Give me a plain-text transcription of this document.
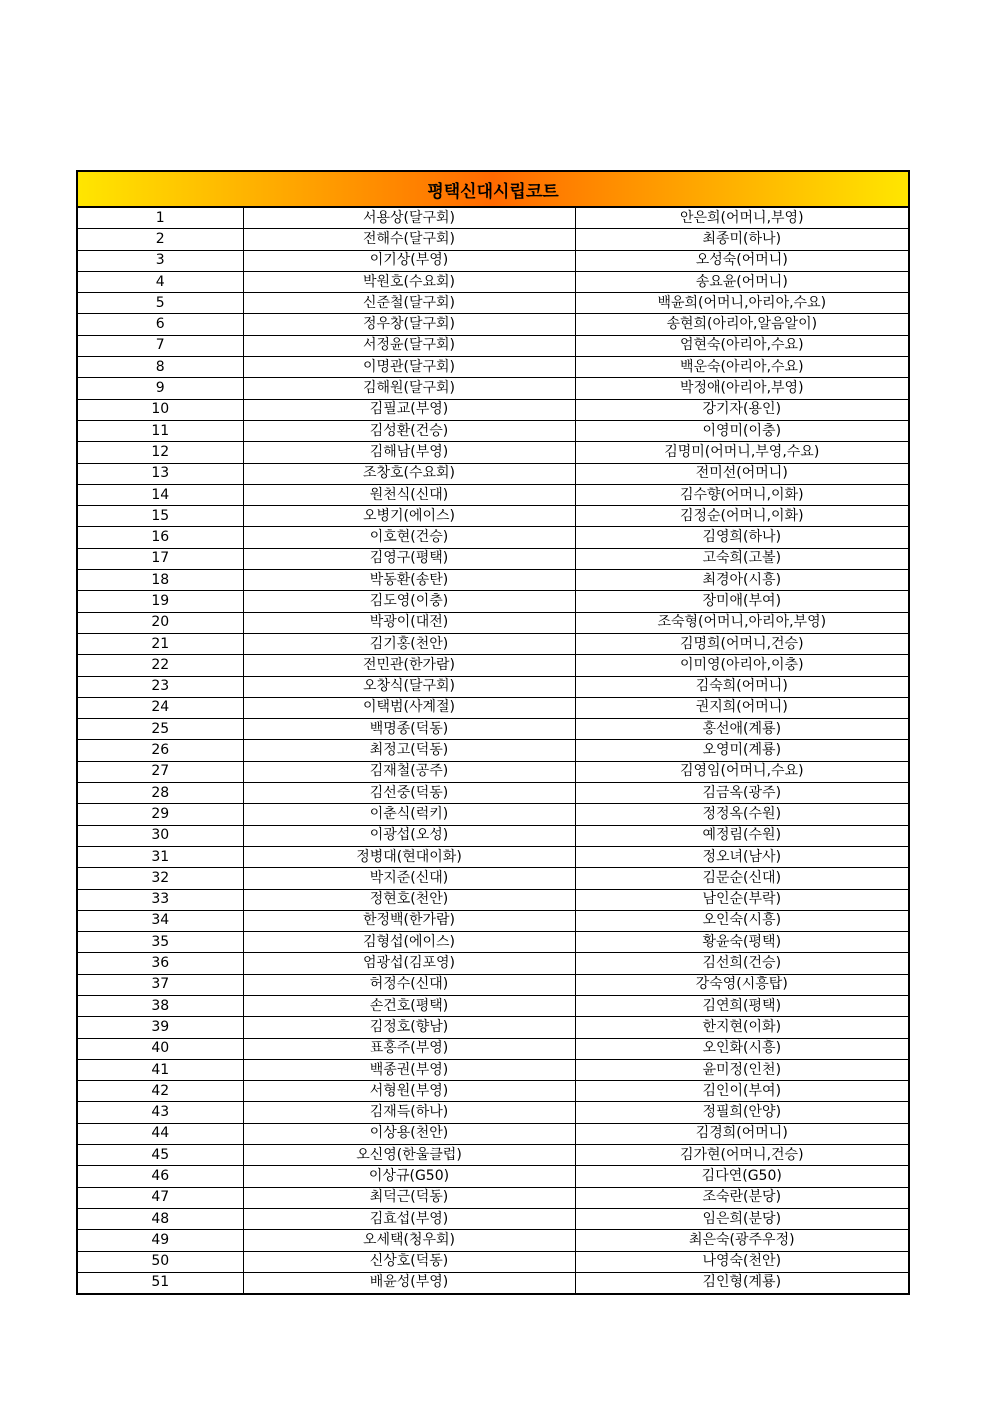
평택신대시립코트		
1	서용상(달구회)	안은희(어머니,부영)
2	전해수(달구회)	최종미(하나)
3	이기상(부영)	오성숙(어머니)
4	박원호(수요회)	송요윤(어머니)
5	신준철(달구회)	백윤희(어머니,아리아,수요)
6	정우창(달구회)	송현희(아리아,알음알이)
7	서정윤(달구회)	엄현숙(아리아,수요)
8	이명관(달구회)	백운숙(아리아,수요)
9	김해원(달구회)	박정애(아리아,부영)
10	김필교(부영)	강기자(용인)
11	김성환(건승)	이영미(이충)
12	김해남(부영)	김명미(어머니,부영,수요)
13	조창호(수요회)	전미선(어머니)
14	원천식(신대)	김수향(어머니,이화)
15	오병기(에이스)	김정순(어머니,이화)
16	이호현(건승)	김영희(하나)
17	김영구(평택)	고숙희(고볼)
18	박동환(송탄)	최경아(시흥)
19	김도영(이충)	장미애(부여)
20	박광이(대전)	조숙형(어머니,아리아,부영)
21	김기홍(천안)	김명희(어머니,건승)
22	전민관(한가람)	이미영(아리아,이충)
23	오창식(달구회)	김숙희(어머니)
24	이택범(사계절)	권지희(어머니)
25	백명종(덕동)	홍선애(계룡)
26	최정고(덕동)	오영미(계룡)
27	김재철(공주)	김영임(어머니,수요)
28	김선중(덕동)	김금옥(광주)
29	이춘식(럭키)	정정옥(수원)
30	이광섭(오성)	예정림(수원)
31	정병대(현대이화)	정오녀(남사)
32	박지준(신대)	김문순(신대)
33	정현호(천안)	남인순(부락)
34	한정백(한가람)	오인숙(시흥)
35	김형섭(에이스)	황윤숙(평택)
36	엄광섭(김포영)	김선희(건승)
37	허정수(신대)	강숙영(시흥탑)
38	손건호(평택)	김연희(평택)
39	김정호(향남)	한지현(이화)
40	표홍주(부영)	오인화(시흥)
41	백종권(부영)	윤미정(인천)
42	서형원(부영)	김인이(부여)
43	김재득(하나)	정필희(안양)
44	이상용(천안)	김경희(어머니)
45	오신영(한울클럽)	김가현(어머니,건승)
46	이상규(G50)	김다연(G50)
47	최덕근(덕동)	조숙란(분당)
48	김효섭(부영)	임은희(분당)
49	오세택(청우회)	최은숙(광주우정)
50	신상호(덕동)	나영숙(천안)
51	배윤성(부영)	김인형(계룡)
